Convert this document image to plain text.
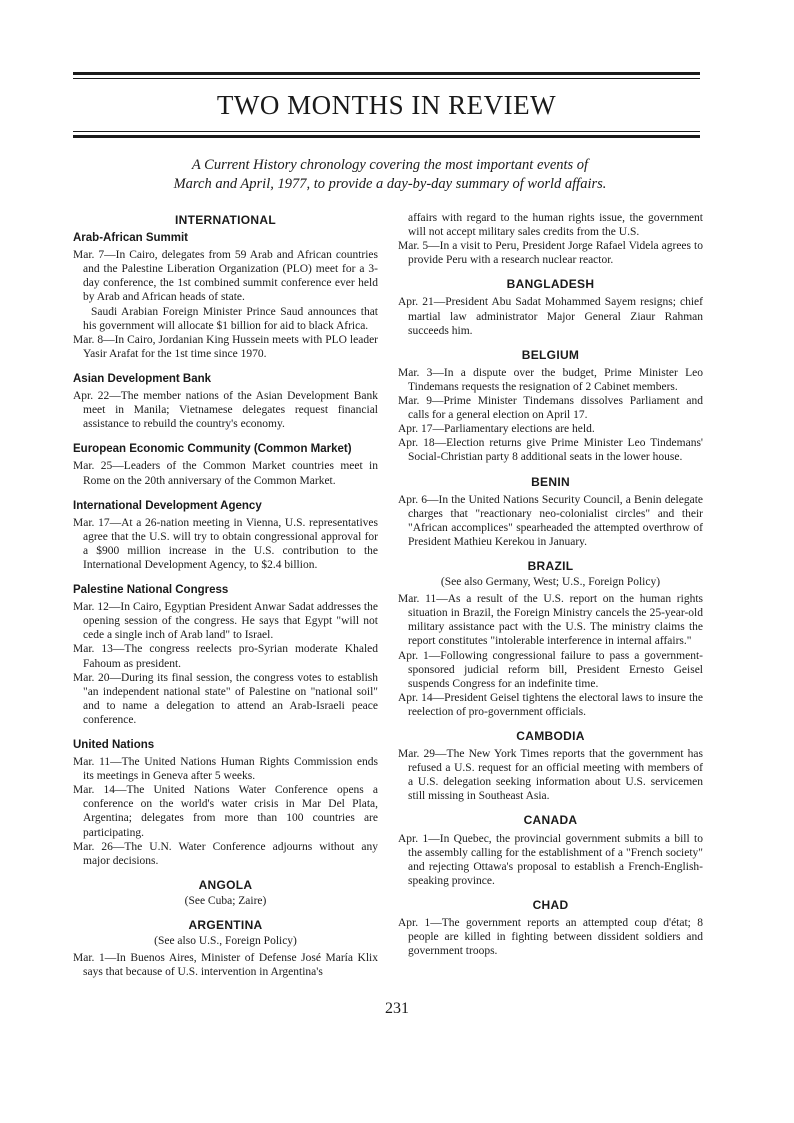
TWO MONTHS IN REVIEW
A Current History chronology covering the most important events of
March and April, 1977, to provide a day-by-day summary of world affairs.
INTERNATIONAL
Arab-African Summit

Mar. 7—In Cairo, delegates from 59 Arab and African countries and the Palestine Liberation Organization (PLO) meet for a 3-day conference, the 1st combined summit conference ever held by Arab and African heads of state.

Saudi Arabian Foreign Minister Prince Saud announces that his government will allocate $1 billion for aid to black Africa.

Mar. 8—In Cairo, Jordanian King Hussein meets with PLO leader Yasir Arafat for the 1st time since 1970.

Asian Development Bank

Apr. 22—The member nations of the Asian Development Bank meet in Manila; Vietnamese delegates request financial assistance to rebuild the country's economy.

European Economic Community (Common Market)

Mar. 25—Leaders of the Common Market countries meet in Rome on the 20th anniversary of the Common Market.

International Development Agency

Mar. 17—At a 26-nation meeting in Vienna, U.S. representatives agree that the U.S. will try to obtain congressional approval for a $900 million increase in the U.S. contribution to the International Development Agency, to $2.4 billion.

Palestine National Congress

Mar. 12—In Cairo, Egyptian President Anwar Sadat addresses the opening session of the congress. He says that Egypt "will not cede a single inch of Arab land" to Israel.

Mar. 13—The congress reelects pro-Syrian moderate Khaled Fahoum as president.

Mar. 20—During its final session, the congress votes to establish "an independent national state" of Palestine on "national soil" and to name a delegation to attend an Arab-Israeli peace conference.

United Nations

Mar. 11—The United Nations Human Rights Commission ends its meetings in Geneva after 5 weeks.

Mar. 14—The United Nations Water Conference opens a conference on the world's water crisis in Mar Del Plata, Argentina; delegates from more than 100 countries are participating.

Mar. 26—The U.N. Water Conference adjourns without any major decisions.

ANGOLA
(See Cuba; Zaire)
ARGENTINA
(See also U.S., Foreign Policy)

Mar. 1—In Buenos Aires, Minister of Defense José María Klix says that because of U.S. intervention in Argentina's

affairs with regard to the human rights issue, the government will not accept military sales credits from the U.S.

Mar. 5—In a visit to Peru, President Jorge Rafael Videla agrees to provide Peru with a research nuclear reactor.

BANGLADESH

Apr. 21—President Abu Sadat Mohammed Sayem resigns; chief martial law administrator Major General Ziaur Rahman succeeds him.

BELGIUM

Mar. 3—In a dispute over the budget, Prime Minister Leo Tindemans requests the resignation of 2 Cabinet members.

Mar. 9—Prime Minister Tindemans dissolves Parliament and calls for a general election on April 17.

Apr. 17—Parliamentary elections are held.

Apr. 18—Election returns give Prime Minister Leo Tindemans' Social-Christian party 8 additional seats in the lower house.

BENIN

Apr. 6—In the United Nations Security Council, a Benin delegate charges that "reactionary neo-colonialist circles" and their "African accomplices" spearheaded the attempted overthrow of President Mathieu Kerekou in January.

BRAZIL
(See also Germany, West; U.S., Foreign Policy)

Mar. 11—As a result of the U.S. report on the human rights situation in Brazil, the Foreign Ministry cancels the 25-year-old military assistance pact with the U.S. The ministry claims the report constitutes "intolerable interference in internal affairs."

Apr. 1—Following congressional failure to pass a government-sponsored judicial reform bill, President Ernesto Geisel suspends Congress for an indefinite time.

Apr. 14—President Geisel tightens the electoral laws to insure the reelection of pro-government officials.

CAMBODIA

Mar. 29—The New York Times reports that the government has refused a U.S. request for an official meeting with members of a U.S. delegation seeking information about U.S. servicemen still missing in Southeast Asia.

CANADA

Apr. 1—In Quebec, the provincial government submits a bill to the assembly calling for the establishment of a "French society" and rejecting Ottawa's proposal to establish a French-English-speaking province.

CHAD

Apr. 1—The government reports an attempted coup d'état; 8 people are killed in fighting between dissident soldiers and government troops.

231
